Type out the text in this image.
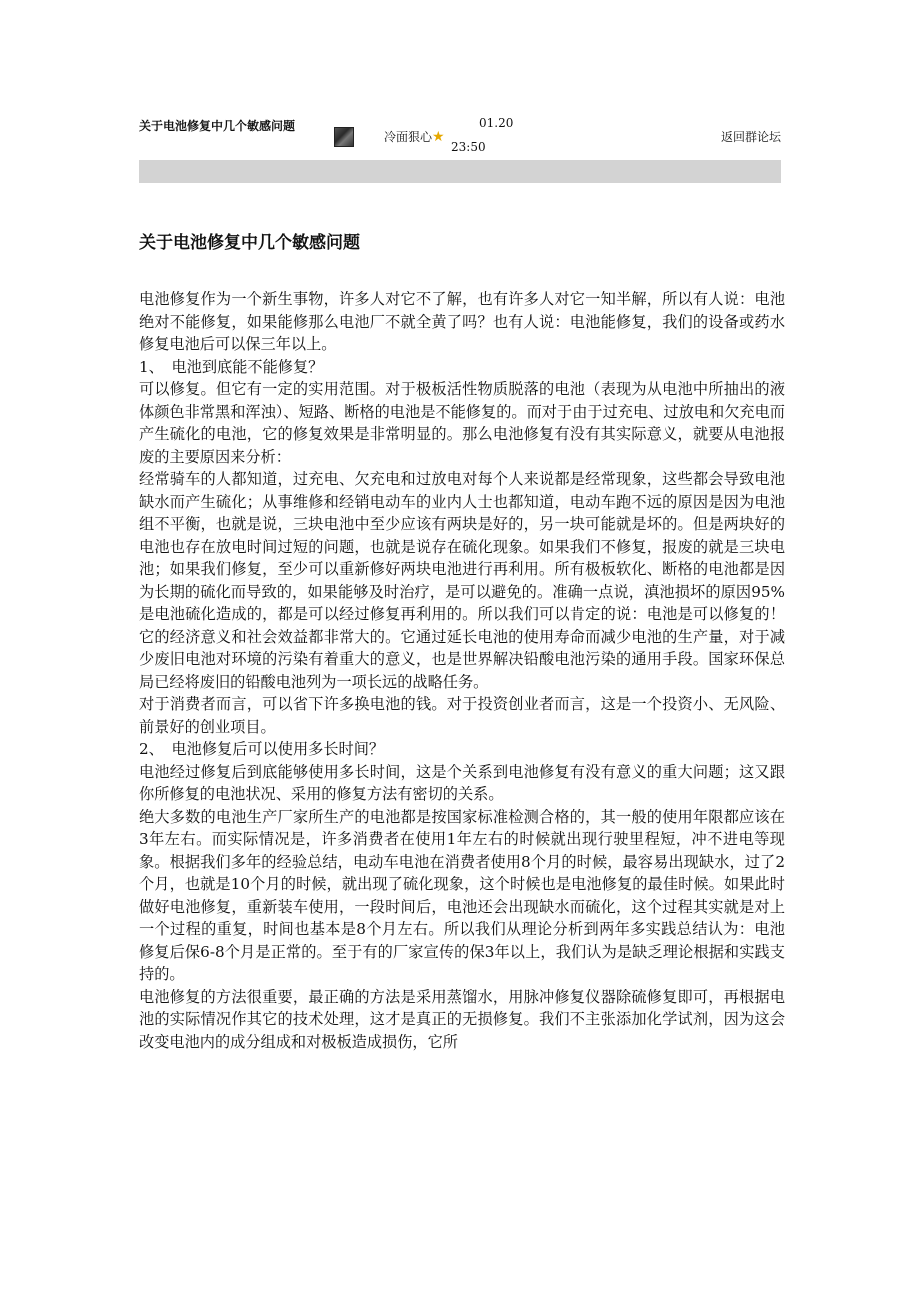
关于电池修复中几个敏感问题
冷面狠心★
01.20
23:50
返回群论坛
关于电池修复中几个敏感问题

电池修复作为一个新生事物，许多人对它不了解，也有许多人对它一知半解，所以有人说：电池绝对不能修复，如果能修那么电池厂不就全黄了吗？也有人说：电池能修复，我们的设备或药水修复电池后可以保三年以上。

1、　电池到底能不能修复？

可以修复。但它有一定的实用范围。对于极板活性物质脱落的电池（表现为从电池中所抽出的液体颜色非常黑和浑浊）、短路、断格的电池是不能修复的。而对于由于过充电、过放电和欠充电而产生硫化的电池，它的修复效果是非常明显的。那么电池修复有没有其实际意义，就要从电池报废的主要原因来分析：

经常骑车的人都知道，过充电、欠充电和过放电对每个人来说都是经常现象，这些都会导致电池缺水而产生硫化；从事维修和经销电动车的业内人士也都知道，电动车跑不远的原因是因为电池组不平衡，也就是说，三块电池中至少应该有两块是好的，另一块可能就是坏的。但是两块好的电池也存在放电时间过短的问题，也就是说存在硫化现象。如果我们不修复，报废的就是三块电池；如果我们修复，至少可以重新修好两块电池进行再利用。所有极板软化、断格的电池都是因为长期的硫化而导致的，如果能够及时治疗，是可以避免的。准确一点说，滇池损坏的原因95%是电池硫化造成的，都是可以经过修复再利用的。所以我们可以肯定的说：电池是可以修复的！它的经济意义和社会效益都非常大的。它通过延长电池的使用寿命而减少电池的生产量，对于减少废旧电池对环境的污染有着重大的意义，也是世界解决铅酸电池污染的通用手段。国家环保总局已经将废旧的铅酸电池列为一项长远的战略任务。

对于消费者而言，可以省下许多换电池的钱。对于投资创业者而言，这是一个投资小、无风险、前景好的创业项目。

2、　电池修复后可以使用多长时间？

电池经过修复后到底能够使用多长时间，这是个关系到电池修复有没有意义的重大问题；这又跟你所修复的电池状况、采用的修复方法有密切的关系。

绝大多数的电池生产厂家所生产的电池都是按国家标准检测合格的，其一般的使用年限都应该在3年左右。而实际情况是，许多消费者在使用1年左右的时候就出现行驶里程短，冲不进电等现象。根据我们多年的经验总结，电动车电池在消费者使用8个月的时候，最容易出现缺水，过了2个月，也就是10个月的时候，就出现了硫化现象，这个时候也是电池修复的最佳时候。如果此时做好电池修复，重新装车使用，一段时间后，电池还会出现缺水而硫化，这个过程其实就是对上一个过程的重复，时间也基本是8个月左右。所以我们从理论分析到两年多实践总结认为：电池修复后保6-8个月是正常的。至于有的厂家宣传的保3年以上，我们认为是缺乏理论根据和实践支持的。

电池修复的方法很重要，最正确的方法是采用蒸馏水，用脉冲修复仪器除硫修复即可，再根据电池的实际情况作其它的技术处理，这才是真正的无损修复。我们不主张添加化学试剂，因为这会改变电池内的成分组成和对极板造成损伤，它所
